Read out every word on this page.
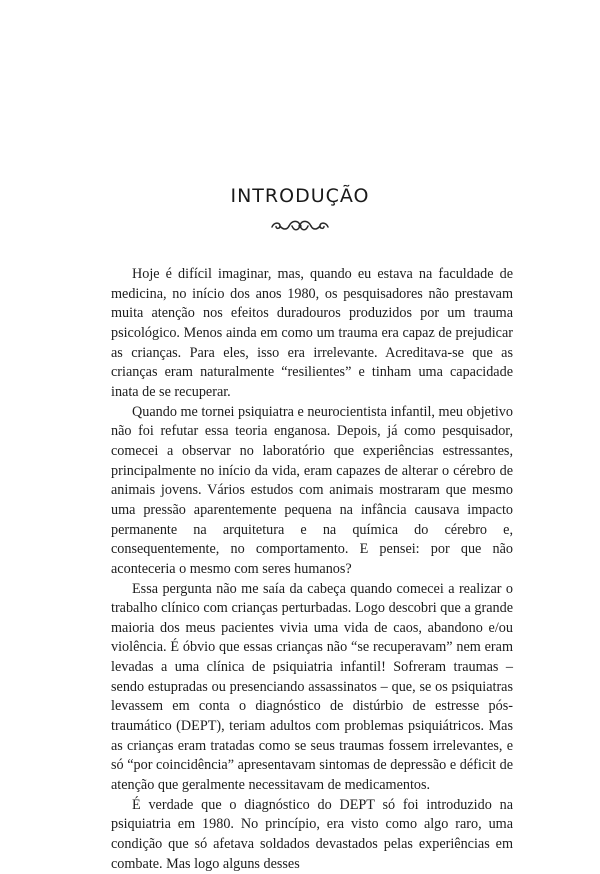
INTRODUÇÃO

Hoje é difícil imaginar, mas, quando eu estava na faculdade de medicina, no início dos anos 1980, os pesquisadores não prestavam muita atenção nos efeitos duradouros produzidos por um trauma psicológico. Menos ainda em como um trauma era capaz de prejudicar as crianças. Para eles, isso era irrelevante. Acreditava-se que as crianças eram naturalmente “resilientes” e tinham uma capacidade inata de se recuperar.

Quando me tornei psiquiatra e neurocientista infantil, meu objetivo não foi refutar essa teoria enganosa. Depois, já como pesquisador, comecei a observar no laboratório que experiências estressantes, principalmente no início da vida, eram capazes de alterar o cérebro de animais jovens. Vários estudos com animais mostraram que mesmo uma pressão aparentemente pequena na infância causava impacto permanente na arquitetura e na química do cérebro e, consequentemente, no comportamento. E pensei: por que não aconteceria o mesmo com seres humanos?

Essa pergunta não me saía da cabeça quando comecei a realizar o trabalho clínico com crianças perturbadas. Logo descobri que a grande maioria dos meus pacientes vivia uma vida de caos, abandono e/ou violência. É óbvio que essas crianças não “se recuperavam” nem eram levadas a uma clínica de psiquiatria infantil! Sofreram traumas – sendo estupradas ou presenciando assassinatos – que, se os psiquiatras levassem em conta o diagnóstico de distúrbio de estresse pós-traumático (DEPT), teriam adultos com problemas psiquiátricos. Mas as crianças eram tratadas como se seus traumas fossem irrelevantes, e só “por coincidência” apresentavam sintomas de depressão e déficit de atenção que geralmente necessitavam de medicamentos.

É verdade que o diagnóstico do DEPT só foi introduzido na psiquiatria em 1980. No princípio, era visto como algo raro, uma condição que só afetava soldados devastados pelas experiências em combate. Mas logo alguns desses
